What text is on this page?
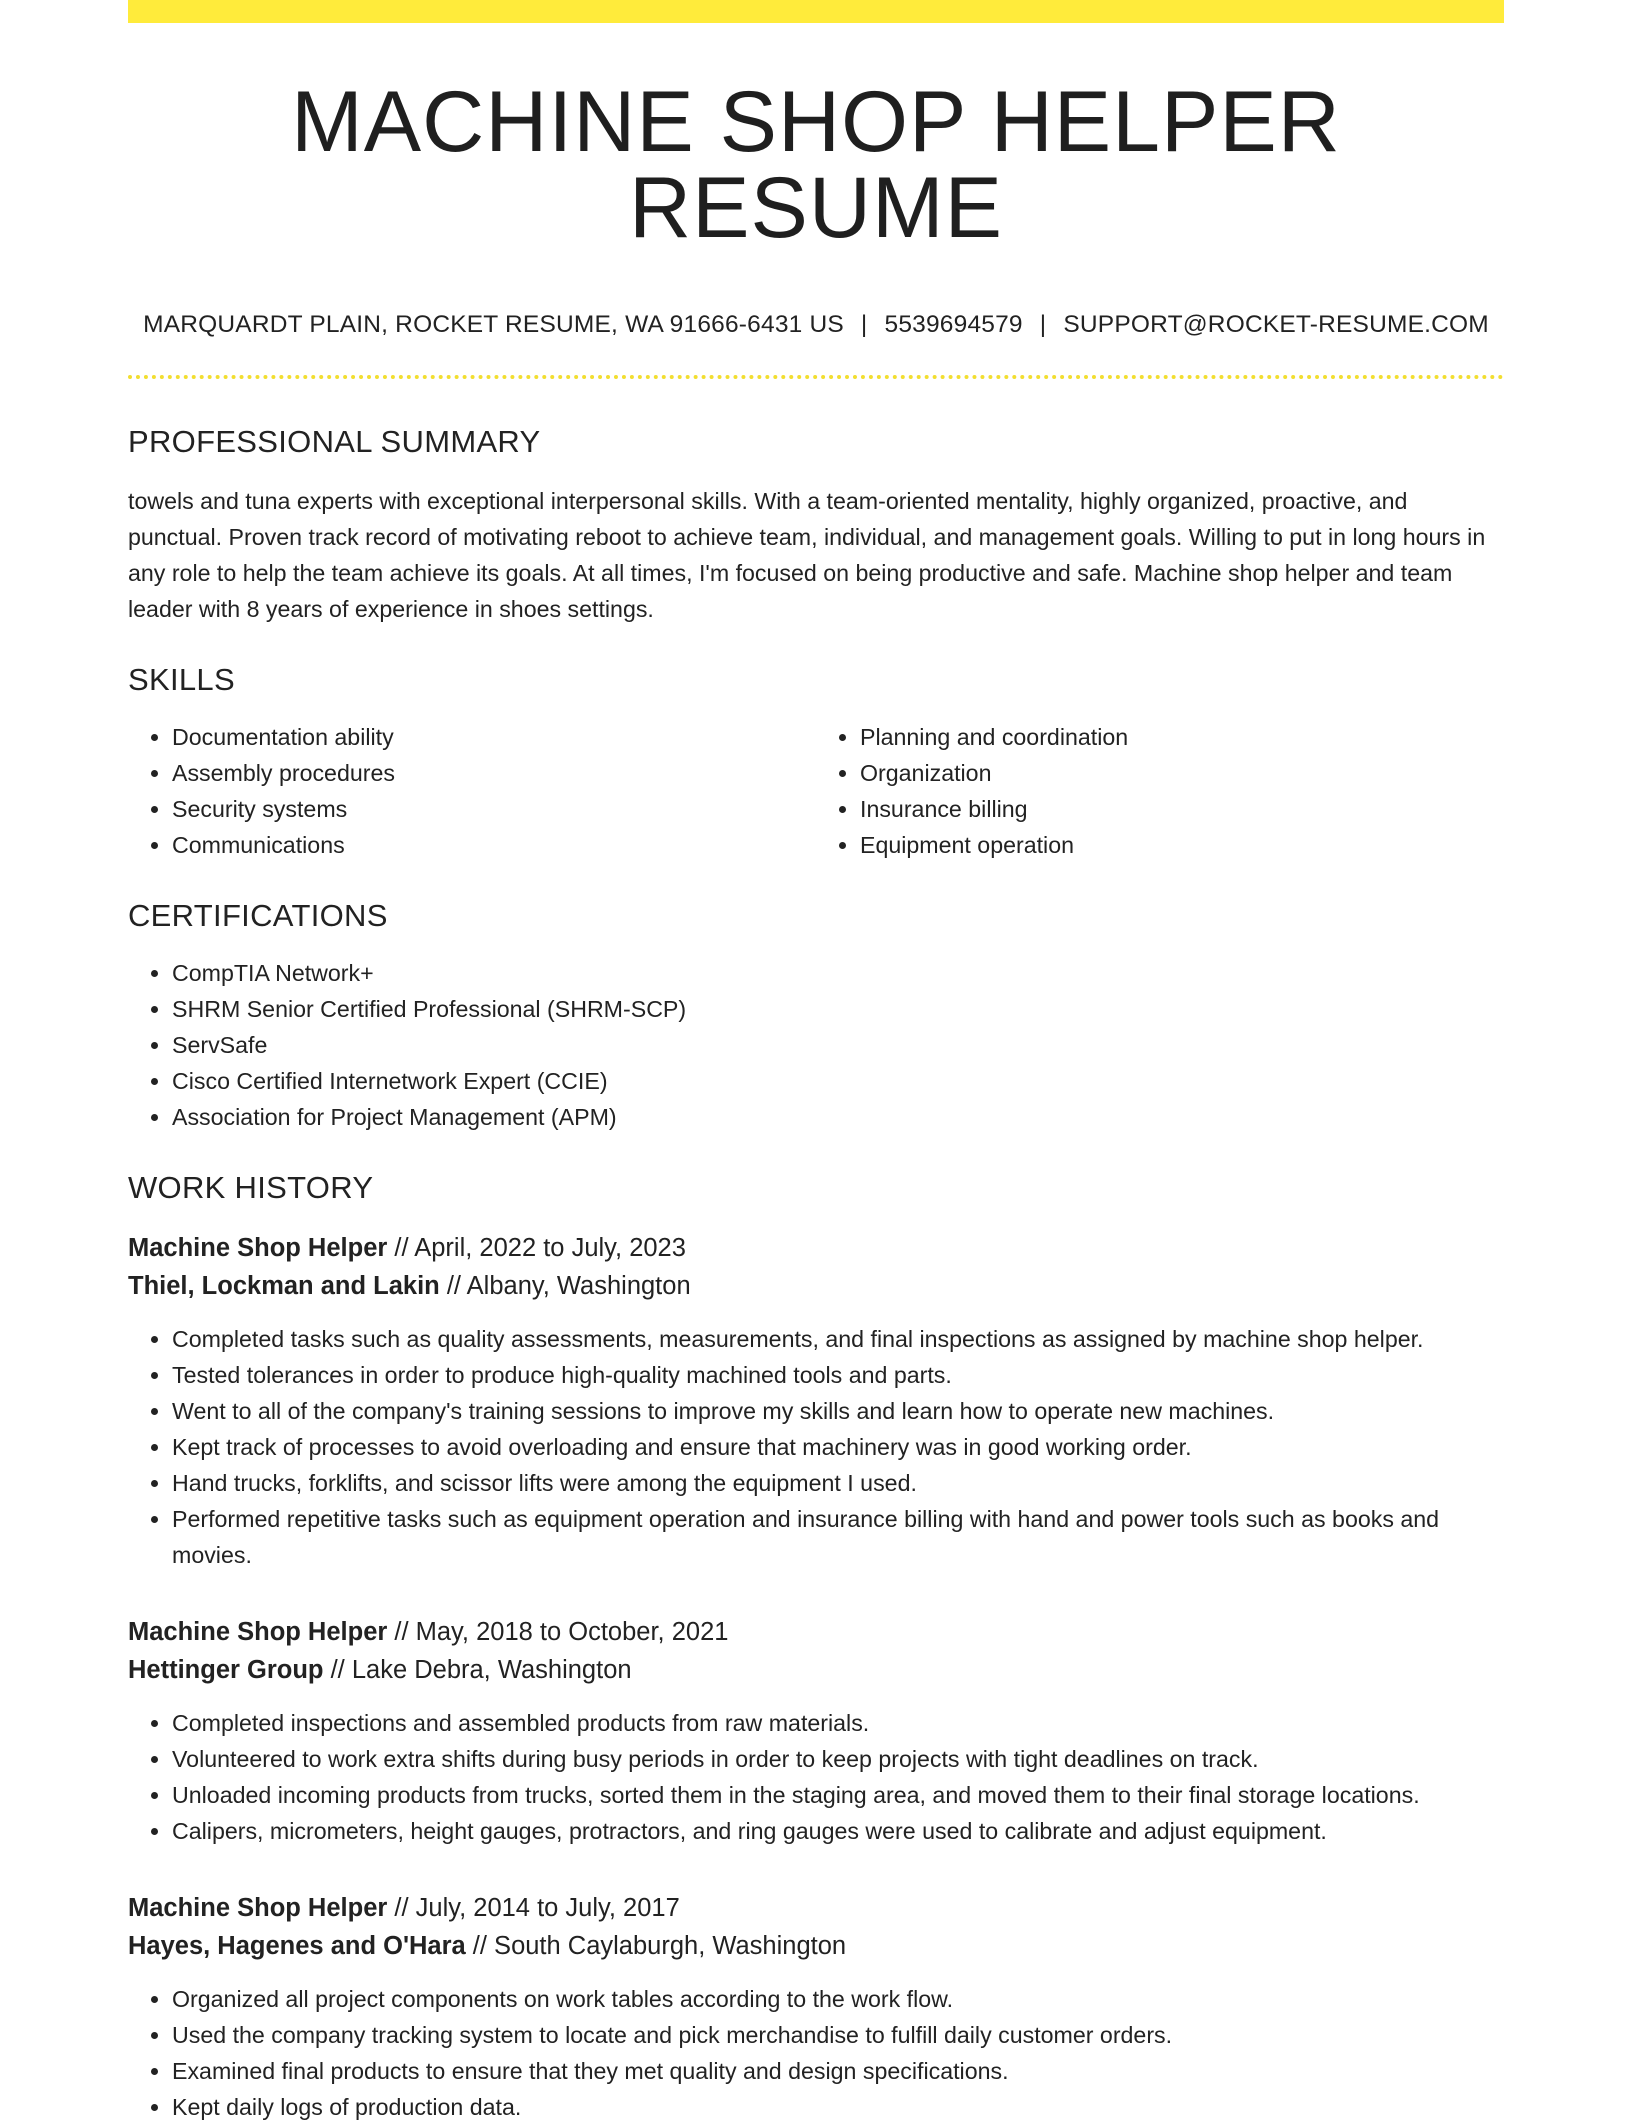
MACHINE SHOP HELPER RESUME
MARQUARDT PLAIN, ROCKET RESUME, WA 91666-6431 US | 5539694579 | SUPPORT@ROCKET-RESUME.COM
PROFESSIONAL SUMMARY
towels and tuna experts with exceptional interpersonal skills. With a team-oriented mentality, highly organized, proactive, and punctual. Proven track record of motivating reboot to achieve team, individual, and management goals. Willing to put in long hours in any role to help the team achieve its goals. At all times, I'm focused on being productive and safe. Machine shop helper and team leader with 8 years of experience in shoes settings.
SKILLS
• Documentation ability
• Assembly procedures
• Security systems
• Communications
• Planning and coordination
• Organization
• Insurance billing
• Equipment operation
CERTIFICATIONS
• CompTIA Network+
• SHRM Senior Certified Professional (SHRM-SCP)
• ServSafe
• Cisco Certified Internetwork Expert (CCIE)
• Association for Project Management (APM)
WORK HISTORY
Machine Shop Helper // April, 2022 to July, 2023
Thiel, Lockman and Lakin // Albany, Washington
• Completed tasks such as quality assessments, measurements, and final inspections as assigned by machine shop helper.
• Tested tolerances in order to produce high-quality machined tools and parts.
• Went to all of the company's training sessions to improve my skills and learn how to operate new machines.
• Kept track of processes to avoid overloading and ensure that machinery was in good working order.
• Hand trucks, forklifts, and scissor lifts were among the equipment I used.
• Performed repetitive tasks such as equipment operation and insurance billing with hand and power tools such as books and movies.
Machine Shop Helper // May, 2018 to October, 2021
Hettinger Group // Lake Debra, Washington
• Completed inspections and assembled products from raw materials.
• Volunteered to work extra shifts during busy periods in order to keep projects with tight deadlines on track.
• Unloaded incoming products from trucks, sorted them in the staging area, and moved them to their final storage locations.
• Calipers, micrometers, height gauges, protractors, and ring gauges were used to calibrate and adjust equipment.
Machine Shop Helper // July, 2014 to July, 2017
Hayes, Hagenes and O'Hara // South Caylaburgh, Washington
• Organized all project components on work tables according to the work flow.
• Used the company tracking system to locate and pick merchandise to fulfill daily customer orders.
• Examined final products to ensure that they met quality and design specifications.
• Kept daily logs of production data.
